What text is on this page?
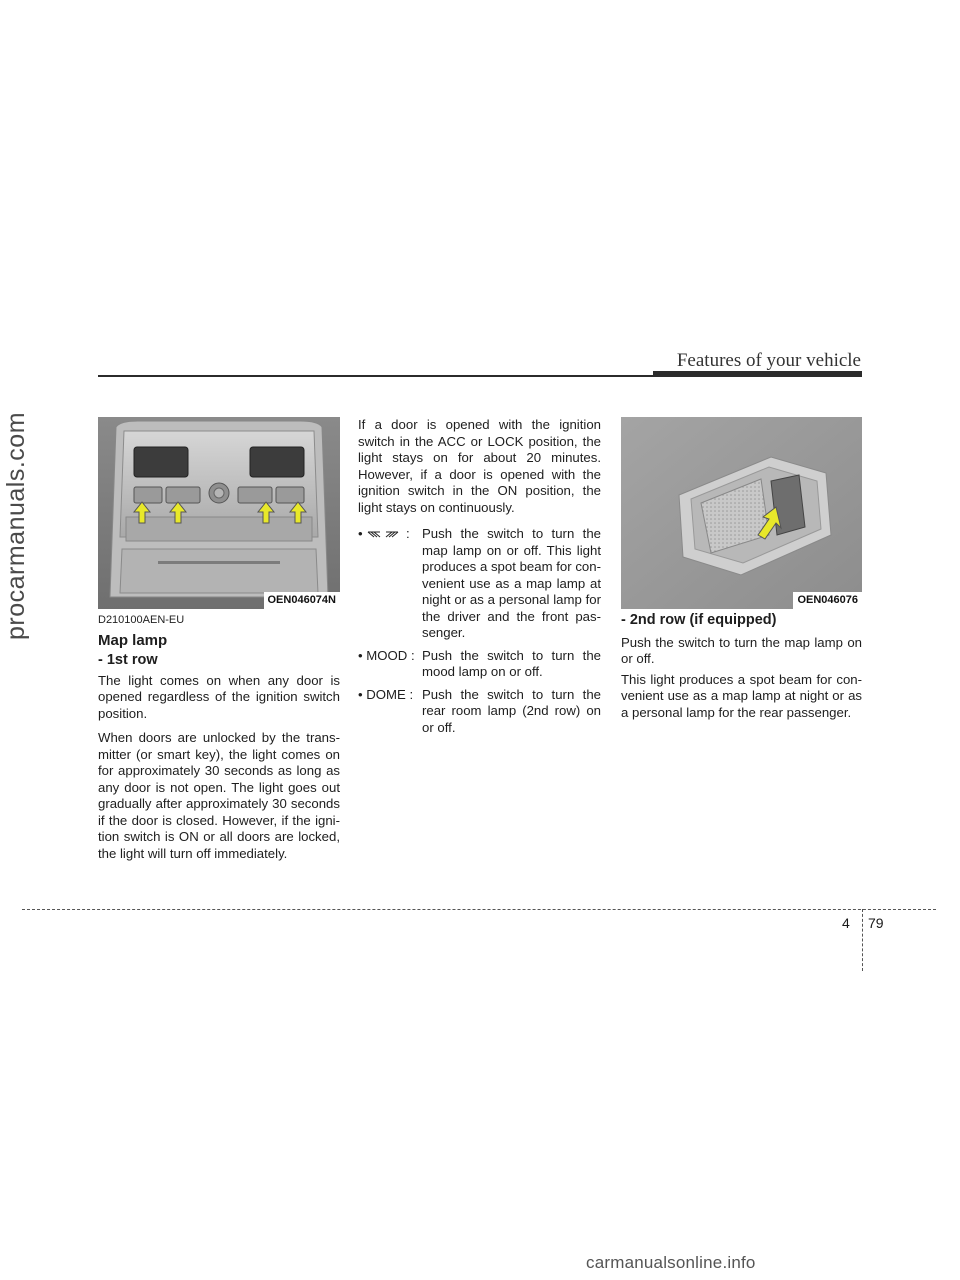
procarmanuals.com
Features of your vehicle
OEN046074N	OEN046076
D210100AEN-EU
Map lamp
- 1st row

The light comes on when any door is opened regardless of the ignition switch position.

When doors are unlocked by the trans-mitter (or smart key), the light comes on for approximately 30 seconds as long as any door is not open. The light goes out gradually after approximately 30 seconds if the door is closed. However, if the igni-tion switch is ON or all doors are locked, the light will turn off immediately.

If a door is opened with the ignition switch in the ACC or LOCK position, the light stays on for about 20 minutes. However, if a door is opened with the ignition switch in the ON position, the light stays on continuously.

•	: Push the switch to turn the map lamp on or off. This light produces a spot beam for con-venient use as a map lamp at night or as a personal lamp for the driver and the front pas-senger.
• MOOD : Push the switch to turn the mood lamp on or off.
• DOME : Push the switch to turn the rear room lamp (2nd row) on or off.
- 2nd row (if equipped)

Push the switch to turn the map lamp on or off.

This light produces a spot beam for con-venient use as a map lamp at night or as a personal lamp for the rear passenger.

4 79
carmanualsonline.info
